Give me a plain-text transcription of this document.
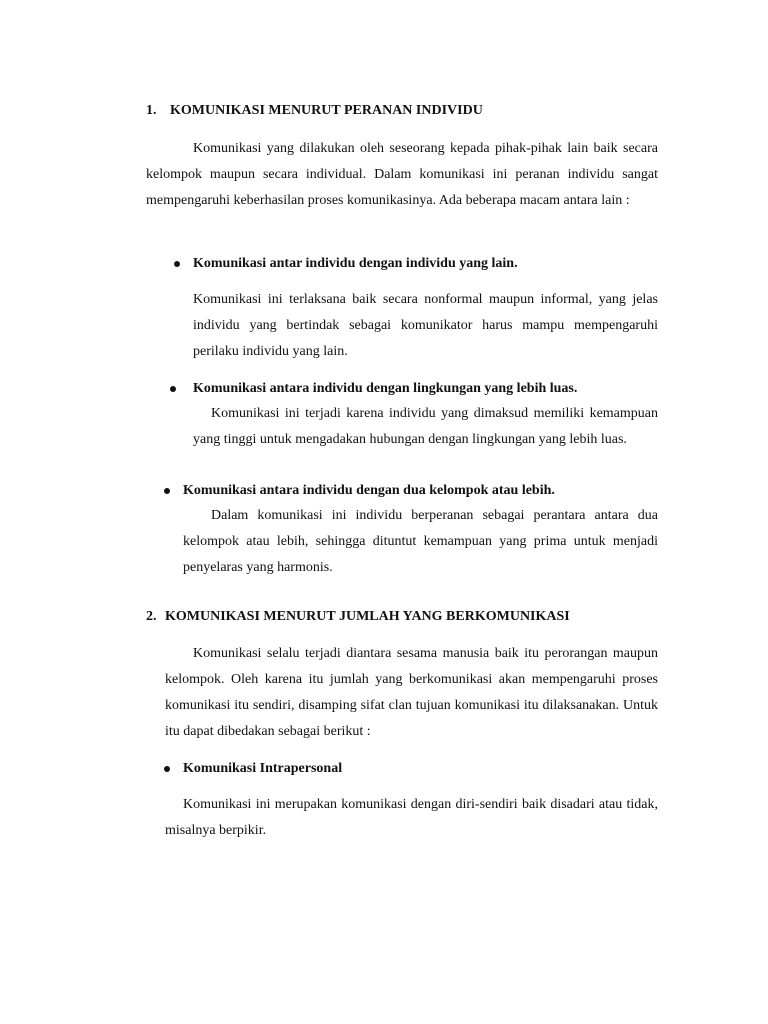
1. KOMUNIKASI MENURUT PERANAN INDIVIDU
Komunikasi yang dilakukan oleh seseorang kepada pihak-pihak lain baik secara kelompok maupun secara individual. Dalam komunikasi ini peranan individu sangat mempengaruhi keberhasilan proses komunikasinya. Ada beberapa macam antara lain :
Komunikasi antar individu dengan individu yang lain.
Komunikasi ini terlaksana baik secara nonformal maupun informal, yang jelas individu yang bertindak sebagai komunikator harus mampu mempengaruhi perilaku individu yang lain.
Komunikasi antara individu dengan lingkungan yang lebih luas.
Komunikasi ini terjadi karena individu yang dimaksud memiliki kemampuan yang tinggi untuk mengadakan hubungan dengan lingkungan yang lebih luas.
Komunikasi antara individu dengan dua kelompok atau lebih.
Dalam komunikasi ini individu berperanan sebagai perantara antara dua kelompok atau lebih, sehingga dituntut kemampuan yang prima untuk menjadi penyelaras yang harmonis.
2. KOMUNIKASI MENURUT JUMLAH YANG BERKOMUNIKASI
Komunikasi selalu terjadi diantara sesama manusia baik itu perorangan maupun kelompok. Oleh karena itu jumlah yang berkomunikasi akan mempengaruhi proses komunikasi itu sendiri, disamping sifat clan tujuan komunikasi itu dilaksanakan. Untuk itu dapat dibedakan sebagai berikut :
Komunikasi Intrapersonal
Komunikasi ini merupakan komunikasi dengan diri-sendiri baik disadari atau tidak, misalnya berpikir.
